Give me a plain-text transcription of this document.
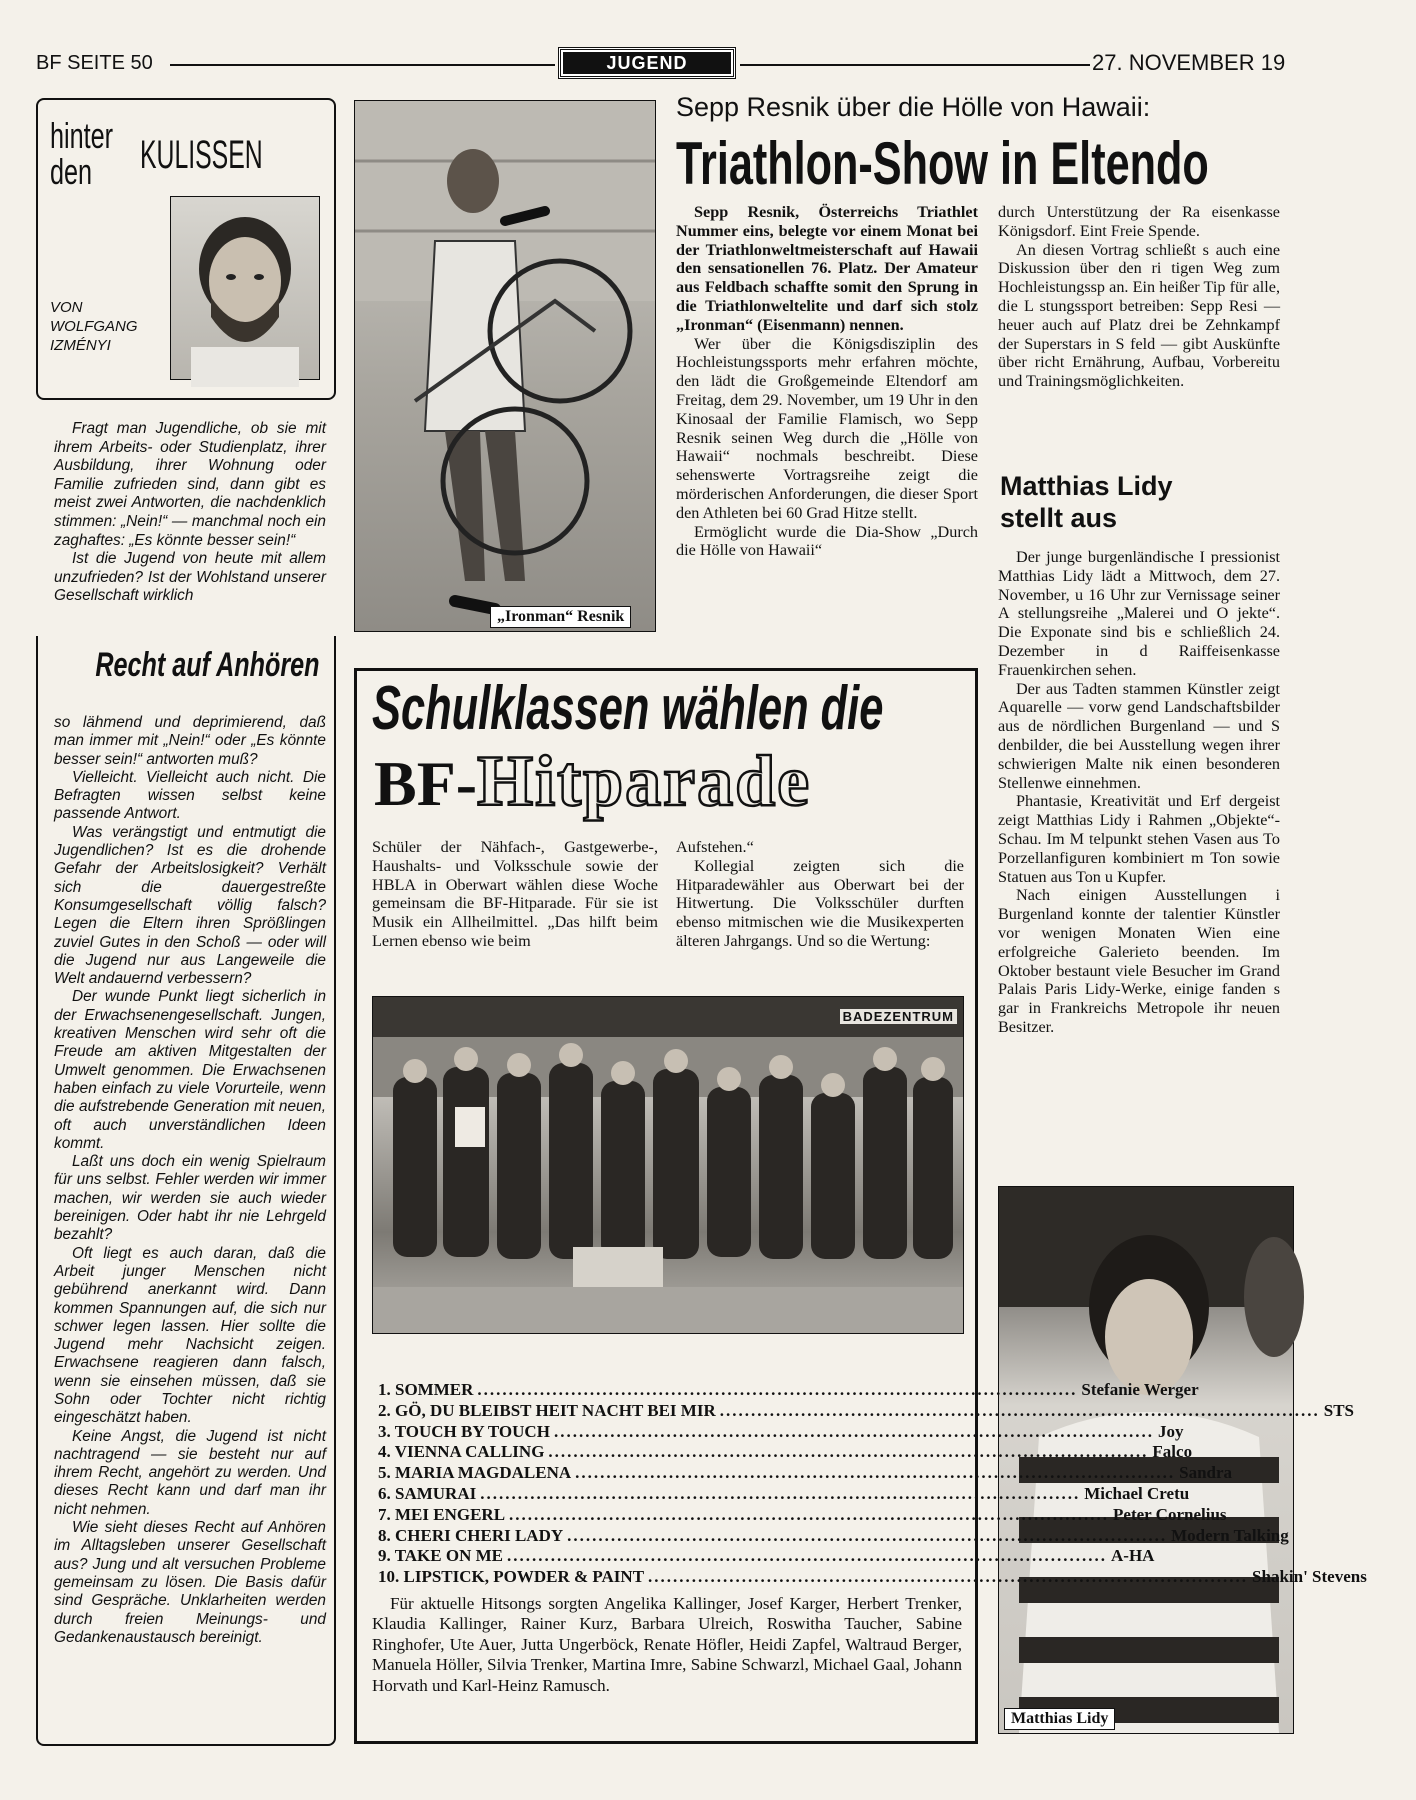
BF SEITE 50	JUGEND	27. NOVEMBER 19
hinter
den	KULISSEN
VON
WOLFGANG
IZMÉNYI

Fragt man Jugendliche, ob sie mit ihrem Arbeits- oder Studienplatz, ihrer Ausbildung, ihrer Wohnung oder Familie zufrieden sind, dann gibt es meist zwei Antworten, die nachdenklich stimmen: „Nein!“ — manchmal noch ein zaghaftes: „Es könnte besser sein!“

Ist die Jugend von heute mit allem unzufrieden? Ist der Wohlstand unserer Gesellschaft wirklich

Recht auf Anhören

so lähmend und deprimierend, daß man immer mit „Nein!“ oder „Es könnte besser sein!“ antworten muß?

Vielleicht. Vielleicht auch nicht. Die Befragten wissen selbst keine passende Antwort.

Was verängstigt und entmutigt die Jugendlichen? Ist es die drohende Gefahr der Arbeitslosigkeit? Verhält sich die dauergestreßte Konsumgesellschaft völlig falsch? Legen die Eltern ihren Sprößlingen zuviel Gutes in den Schoß — oder will die Jugend nur aus Langeweile die Welt andauernd verbessern?

Der wunde Punkt liegt sicherlich in der Erwachsenengesellschaft. Jungen, kreativen Menschen wird sehr oft die Freude am aktiven Mitgestalten der Umwelt genommen. Die Erwachsenen haben einfach zu viele Vorurteile, wenn die aufstrebende Generation mit neuen, oft auch unverständlichen Ideen kommt.

Laßt uns doch ein wenig Spielraum für uns selbst. Fehler werden wir immer machen, wir werden sie auch wieder bereinigen. Oder habt ihr nie Lehrgeld bezahlt?

Oft liegt es auch daran, daß die Arbeit junger Menschen nicht gebührend anerkannt wird. Dann kommen Spannungen auf, die sich nur schwer legen lassen. Hier sollte die Jugend mehr Nachsicht zeigen. Erwachsene reagieren dann falsch, wenn sie einsehen müssen, daß sie Sohn oder Tochter nicht richtig eingeschätzt haben.

Keine Angst, die Jugend ist nicht nachtragend — sie besteht nur auf ihrem Recht, angehört zu werden. Und dieses Recht kann und darf man ihr nicht nehmen.

Wie sieht dieses Recht auf Anhören im Alltagsleben unserer Gesellschaft aus? Jung und alt versuchen Probleme gemeinsam zu lösen. Die Basis dafür sind Gespräche. Unklarheiten werden durch freien Meinungs- und Gedankenaustausch bereinigt.

„Ironman“ Resnik
Sepp Resnik über die Hölle von Hawaii:
Triathlon-Show in Eltendo

Sepp Resnik, Österreichs Triathlet Nummer eins, belegte vor einem Monat bei der Triathlonweltmeisterschaft auf Hawaii den sensationellen 76. Platz. Der Amateur aus Feldbach schaffte somit den Sprung in die Triathlonweltelite und darf sich stolz „Ironman“ (Eisenmann) nennen.

Wer über die Königsdisziplin des Hochleistungssports mehr erfahren möchte, den lädt die Großgemeinde Eltendorf am Freitag, dem 29. November, um 19 Uhr in den Kinosaal der Familie Flamisch, wo Sepp Resnik seinen Weg durch die „Hölle von Hawaii“ nochmals beschreibt. Diese sehenswerte Vortragsreihe zeigt die mörderischen Anforderungen, die dieser Sport den Athleten bei 60 Grad Hitze stellt.

Ermöglicht wurde die Dia-Show „Durch die Hölle von Hawaii“

durch Unterstützung der Ra eisenkasse Königsdorf. Eint Freie Spende.

An diesen Vortrag schließt s auch eine Diskussion über den ri tigen Weg zum Hochleistungssp an. Ein heißer Tip für alle, die L stungssport betreiben: Sepp Resi — heuer auch auf Platz drei be Zehnkampf der Superstars in S feld — gibt Auskünfte über richt Ernährung, Aufbau, Vorbereitu und Trainingsmöglichkeiten.

Matthias Lidy
stellt aus

Der junge burgenländische I pressionist Matthias Lidy lädt a Mittwoch, dem 27. November, u 16 Uhr zur Vernissage seiner A stellungsreihe „Malerei und O jekte“. Die Exponate sind bis e schließlich 24. Dezember in d Raiffeisenkasse Frauenkirchen sehen.

Der aus Tadten stammen Künstler zeigt Aquarelle — vorw gend Landschaftsbilder aus de nördlichen Burgenland — und S denbilder, die bei Ausstellung wegen ihrer schwierigen Malte nik einen besonderen Stellenwe einnehmen.

Phantasie, Kreativität und Erf dergeist zeigt Matthias Lidy i Rahmen „Objekte“-Schau. Im M telpunkt stehen Vasen aus To Porzellanfiguren kombiniert m Ton sowie Statuen aus Ton u Kupfer.

Nach einigen Ausstellungen i Burgenland konnte der talentier Künstler vor wenigen Monaten Wien eine erfolgreiche Galerieto beenden. Im Oktober bestaunt viele Besucher im Grand Palais Paris Lidy-Werke, einige fanden s gar in Frankreichs Metropole ihr neuen Besitzer.

Matthias Lidy
Schulklassen wählen die
BF-Hitparade

Schüler der Nähfach-, Gastgewerbe-, Haushalts- und Volksschule sowie der HBLA in Oberwart wählen diese Woche gemeinsam die BF-Hitparade. Für sie ist Musik ein Allheilmittel. „Das hilft beim Lernen ebenso wie beim

Aufstehen.“

Kollegial zeigten sich die Hitparadewähler aus Oberwart bei der Hitwertung. Die Volksschüler durften ebenso mitmischen wie die Musikexperten älteren Jahrgangs. Und so die Wertung:

BADEZENTRUM
1. SOMMER ................................................................................................ Stefanie Werger
2. GÖ, DU BLEIBST HEIT NACHT BEI MIR ................................................................................................ STS
3. TOUCH BY TOUCH ................................................................................................ Joy
4. VIENNA CALLING ................................................................................................ Falco
5. MARIA MAGDALENA ................................................................................................ Sandra
6. SAMURAI ................................................................................................ Michael Cretu
7. MEI ENGERL ................................................................................................ Peter Cornelius
8. CHERI CHERI LADY ................................................................................................ Modern Talking
9. TAKE ON ME ................................................................................................ A-HA
10. LIPSTICK, POWDER & PAINT ................................................................................................ Shakin' Stevens
Für aktuelle Hitsongs sorgten Angelika Kallinger, Josef Karger, Herbert Trenker, Klaudia Kallinger, Rainer Kurz, Barbara Ulreich, Roswitha Taucher, Sabine Ringhofer, Ute Auer, Jutta Ungerböck, Renate Höfler, Heidi Zapfel, Waltraud Berger, Manuela Höller, Silvia Trenker, Martina Imre, Sabine Schwarzl, Michael Gaal, Johann Horvath und Karl-Heinz Ramusch.
